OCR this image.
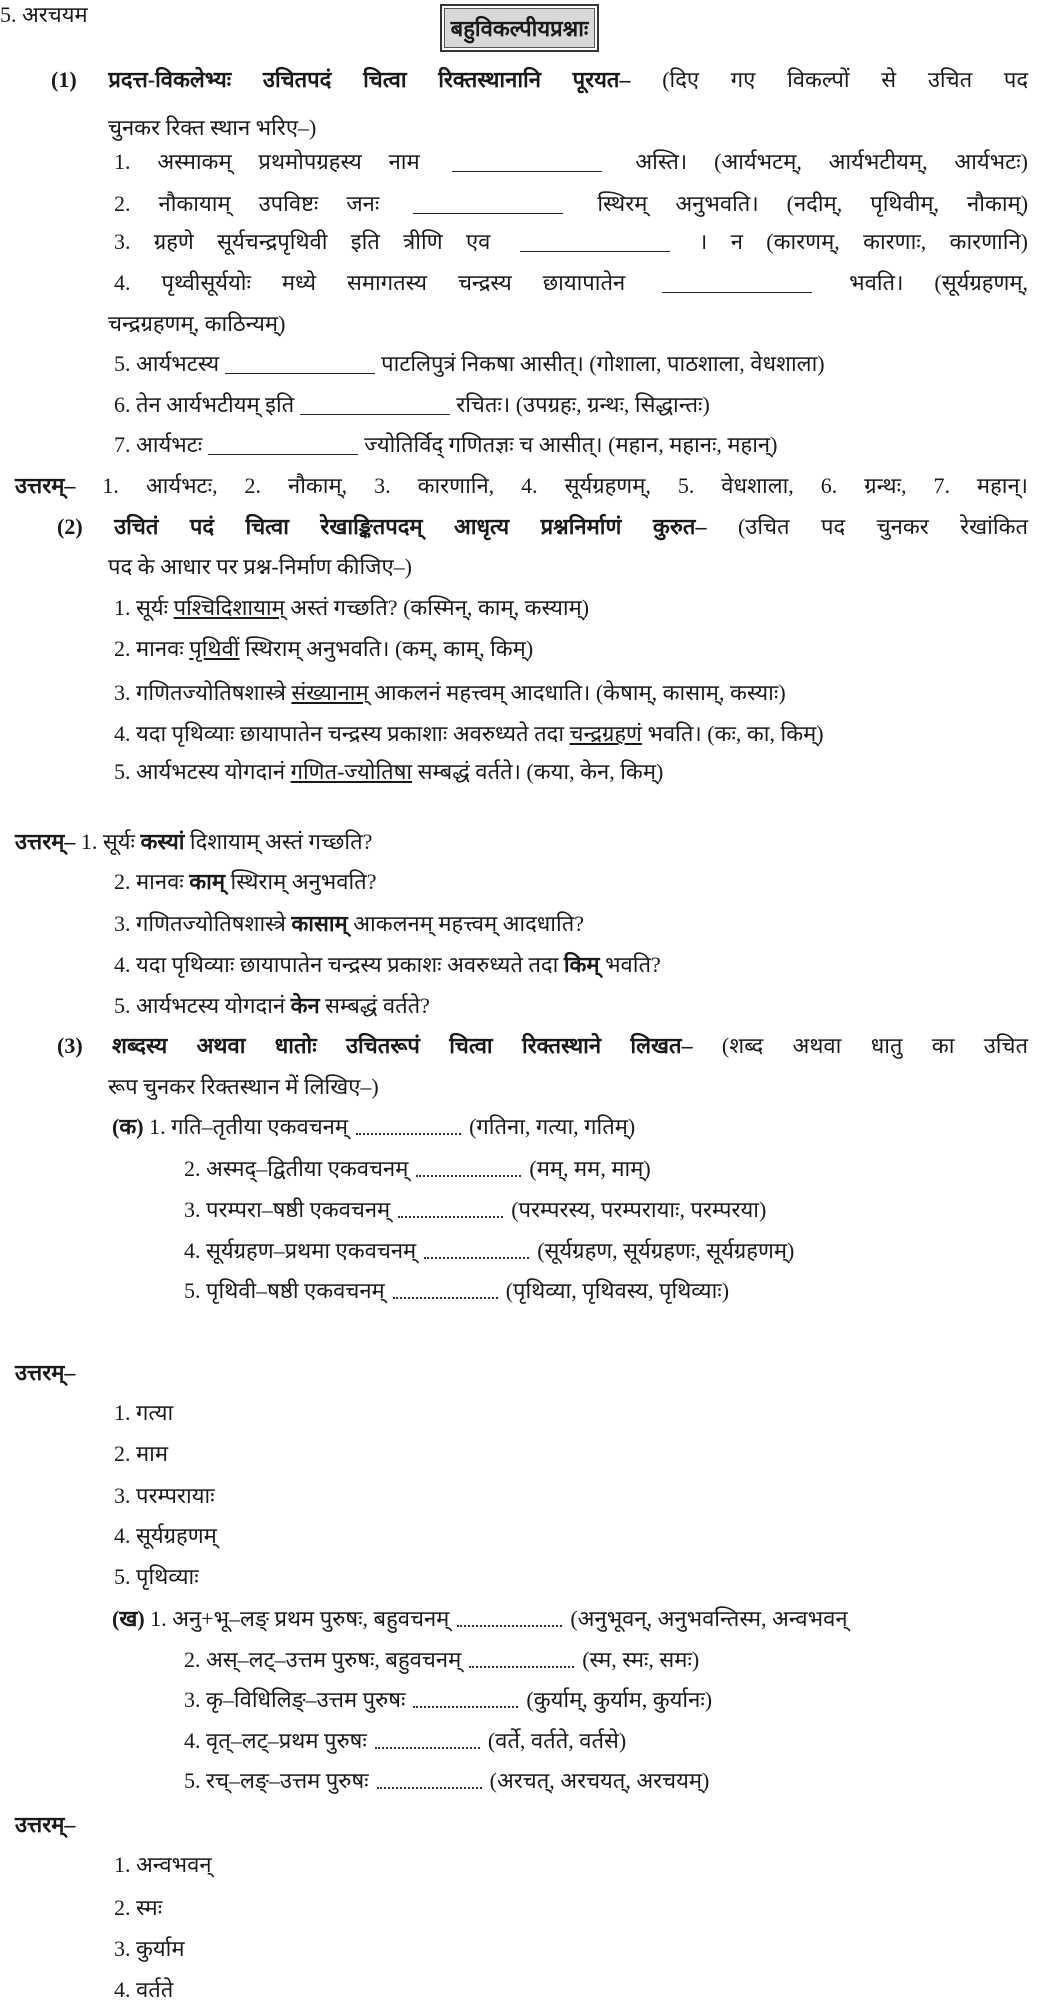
बहुविकल्पीयप्रश्नाः
(1) प्रदत्त-विकलेभ्यः उचितपदं चित्वा रिक्तस्थानानि पूरयत– (दिए गए विकल्पों से उचित पद
चुनकर रिक्त स्थान भरिए–)
1. अस्माकम् प्रथमोपग्रहस्य नाम	अस्ति। (आर्यभटम्, आर्यभटीयम्, आर्यभटः)
2. नौकायाम् उपविष्टः जनः	स्थिरम् अनुभवति। (नदीम्, पृथिवीम्, नौकाम्)
3. ग्रहणे सूर्यचन्द्रपृथिवी इति त्रीणि एव	। न (कारणम्, कारणाः, कारणानि)
4. पृथ्वीसूर्ययोः मध्ये समागतस्य चन्द्रस्य छायापातेन	भवति। (सूर्यग्रहणम्,
चन्द्रग्रहणम्, काठिन्यम्)
5. आर्यभटस्य	पाटलिपुत्रं निकषा आसीत्। (गोशाला, पाठशाला, वेधशाला)
6. तेन आर्यभटीयम् इति	रचितः। (उपग्रहः, ग्रन्थः, सिद्धान्तः)
7. आर्यभटः	ज्योतिर्विद् गणितज्ञः च आसीत्। (महान, महानः, महान्)
उत्तरम्– 1. आर्यभटः, 2. नौकाम्, 3. कारणानि, 4. सूर्यग्रहणम्, 5. वेधशाला, 6. ग्रन्थः, 7. महान्।
(2) उचितं पदं चित्वा रेखाङ्कितपदम् आधृत्य प्रश्ननिर्माणं कुरुत– (उचित पद चुनकर रेखांकित
पद के आधार पर प्रश्न-निर्माण कीजिए–)
1. सूर्यः पश्चिदिशायाम् अस्तं गच्छति? (कस्मिन्, काम्, कस्याम्)
2. मानवः पृथिवीं स्थिराम् अनुभवति। (कम्, काम्, किम्)
3. गणितज्योतिषशास्त्रे संख्यानाम् आकलनं महत्त्वम् आदधाति। (केषाम्, कासाम्, कस्याः)
4. यदा पृथिव्याः छायापातेन चन्द्रस्य प्रकाशाः अवरुध्यते तदा चन्द्रग्रहणं भवति। (कः, का, किम्)
5. आर्यभटस्य योगदानं गणित-ज्योतिषा सम्बद्धं वर्तते। (कया, केन, किम्)
उत्तरम्– 1. सूर्यः कस्यां दिशायाम् अस्तं गच्छति?
2. मानवः काम् स्थिराम् अनुभवति?
3. गणितज्योतिषशास्त्रे कासाम् आकलनम् महत्त्वम् आदधाति?
4. यदा पृथिव्याः छायापातेन चन्द्रस्य प्रकाशः अवरुध्यते तदा किम् भवति?
5. आर्यभटस्य योगदानं केन सम्बद्धं वर्तते?
(3) शब्दस्य अथवा धातोः उचितरूपं चित्वा रिक्तस्थाने लिखत– (शब्द अथवा धातु का उचित
रूप चुनकर रिक्तस्थान में लिखिए–)
(क) 1. गति–तृतीया एकवचनम्	(गतिना, गत्या, गतिम्)
2. अस्मद्–द्वितीया एकवचनम्	(मम्, मम, माम्)
3. परम्परा–षष्ठी एकवचनम्	(परम्परस्य, परम्परायाः, परम्परया)
4. सूर्यग्रहण–प्रथमा एकवचनम्	(सूर्यग्रहण, सूर्यग्रहणः, सूर्यग्रहणम्)
5. पृथिवी–षष्ठी एकवचनम्	(पृथिव्या, पृथिवस्य, पृथिव्याः)
उत्तरम्–
1. गत्या
2. माम
3. परम्परायाः
4. सूर्यग्रहणम्
5. पृथिव्याः
(ख) 1. अनु+भू–लङ् प्रथम पुरुषः, बहुवचनम्	(अनुभूवन्, अनुभवन्तिस्म, अन्वभवन्
2. अस्–लट्–उत्तम पुरुषः, बहुवचनम्	(स्म, स्मः, समः)
3. कृ–विधिलिङ्–उत्तम पुरुषः	(कुर्याम्, कुर्याम, कुर्यानः)
4. वृत्–लट्–प्रथम पुरुषः	(वर्ते, वर्तते, वर्तसे)
5. रच्–लङ्–उत्तम पुरुषः	(अरचत्, अरचयत्, अरचयम्)
उत्तरम्–
1. अन्वभवन्
2. स्मः
3. कुर्याम
4. वर्तते
5. अरचयम
